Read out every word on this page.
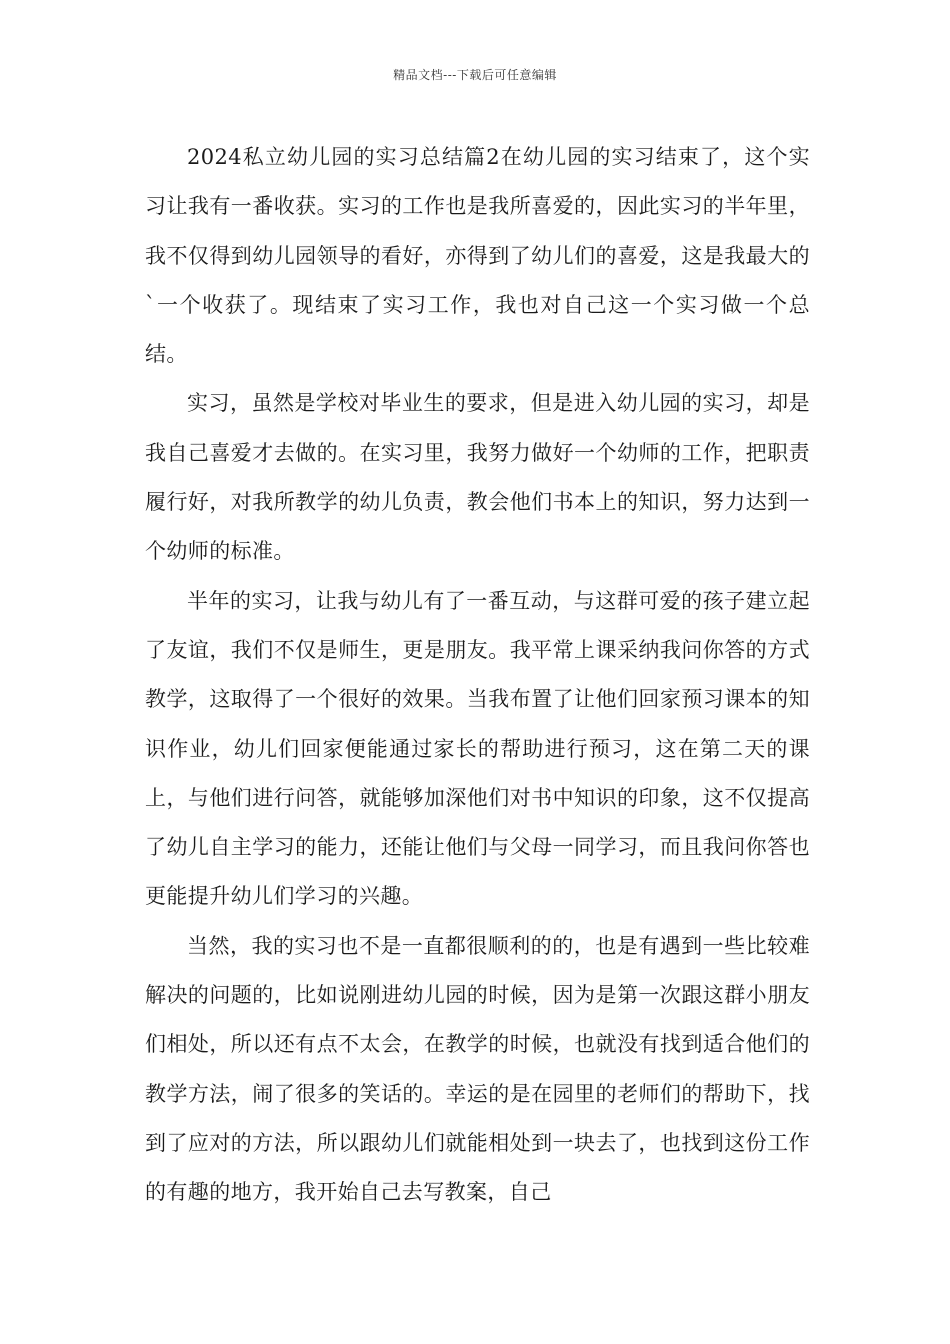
精品文档---下载后可任意编辑

2024私立幼儿园的实习总结篇2在幼儿园的实习结束了，这个实习让我有一番收获。实习的工作也是我所喜爱的，因此实习的半年里，我不仅得到幼儿园领导的看好，亦得到了幼儿们的喜爱，这是我最大的`一个收获了。现结束了实习工作，我也对自己这一个实习做一个总结。

实习，虽然是学校对毕业生的要求，但是进入幼儿园的实习，却是我自己喜爱才去做的。在实习里，我努力做好一个幼师的工作，把职责履行好，对我所教学的幼儿负责，教会他们书本上的知识，努力达到一个幼师的标准。

半年的实习，让我与幼儿有了一番互动，与这群可爱的孩子建立起了友谊，我们不仅是师生，更是朋友。我平常上课采纳我问你答的方式教学，这取得了一个很好的效果。当我布置了让他们回家预习课本的知识作业，幼儿们回家便能通过家长的帮助进行预习，这在第二天的课上，与他们进行问答，就能够加深他们对书中知识的印象，这不仅提高了幼儿自主学习的能力，还能让他们与父母一同学习，而且我问你答也更能提升幼儿们学习的兴趣。

当然，我的实习也不是一直都很顺利的的，也是有遇到一些比较难解决的问题的，比如说刚进幼儿园的时候，因为是第一次跟这群小朋友们相处，所以还有点不太会，在教学的时候，也就没有找到适合他们的教学方法，闹了很多的笑话的。幸运的是在园里的老师们的帮助下，找到了应对的方法，所以跟幼儿们就能相处到一块去了，也找到这份工作的有趣的地方，我开始自己去写教案，自己
